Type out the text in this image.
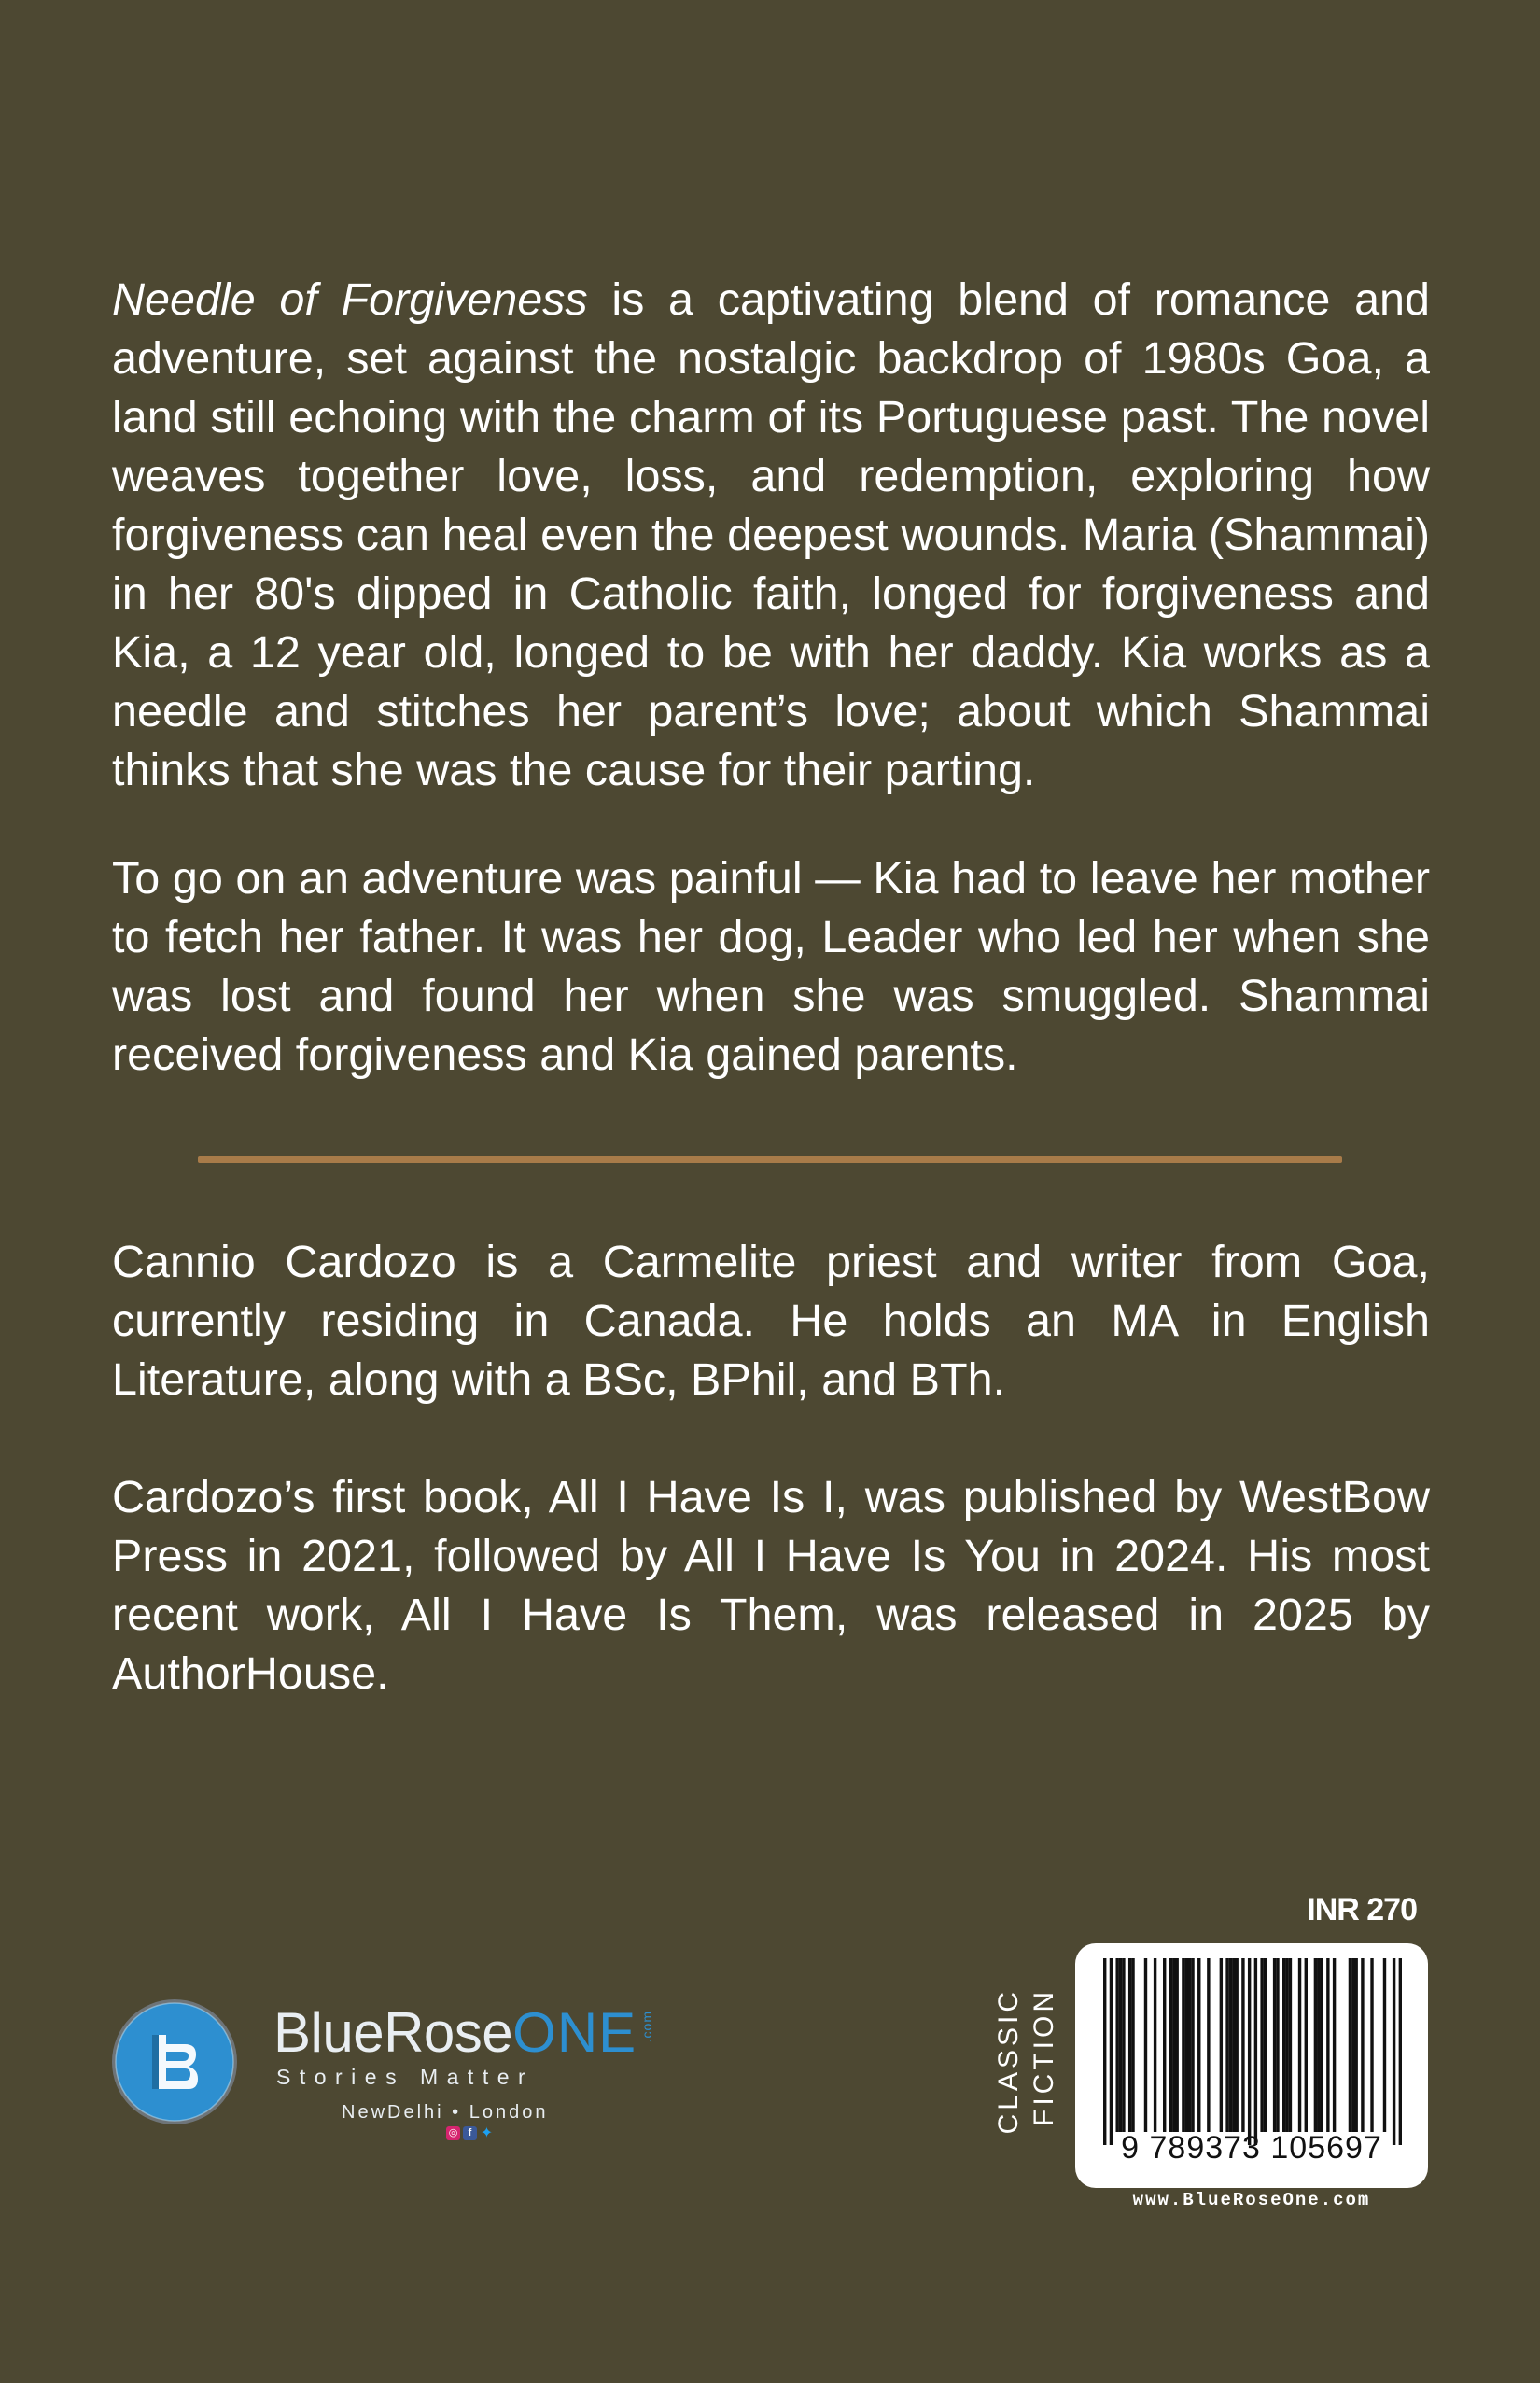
Needle of Forgiveness is a captivating blend of romance and adventure, set against the nostalgic backdrop of 1980s Goa, a land still echoing with the charm of its Portuguese past. The novel weaves together love, loss, and redemption, exploring how forgiveness can heal even the deepest wounds. Maria (Shammai) in her 80's dipped in Catholic faith, longed for forgiveness and Kia, a 12 year old, longed to be with her daddy. Kia works as a needle and stitches her parent’s love; about which Shammai thinks that she was the cause for their parting.

To go on an adventure was painful — Kia had to leave her mother to fetch her father. It was her dog, Leader who led her when she was lost and found her when she was smuggled. Shammai received forgiveness and Kia gained parents.

Cannio Cardozo is a Carmelite priest and writer from Goa, currently residing in Canada. He holds an MA in English Literature, along with a BSc, BPhil, and BTh.

Cardozo’s first book, All I Have Is I, was published by WestBow Press in 2021, followed by All I Have Is You in 2024. His most recent work, All I Have Is Them, was released in 2025 by AuthorHouse.

BlueRoseONE .com
Stories Matter
NewDelhi • London
◎	f ✦	CLASSIC FICTION
INR 270
9 789373 105697
www.BlueRoseOne.com
